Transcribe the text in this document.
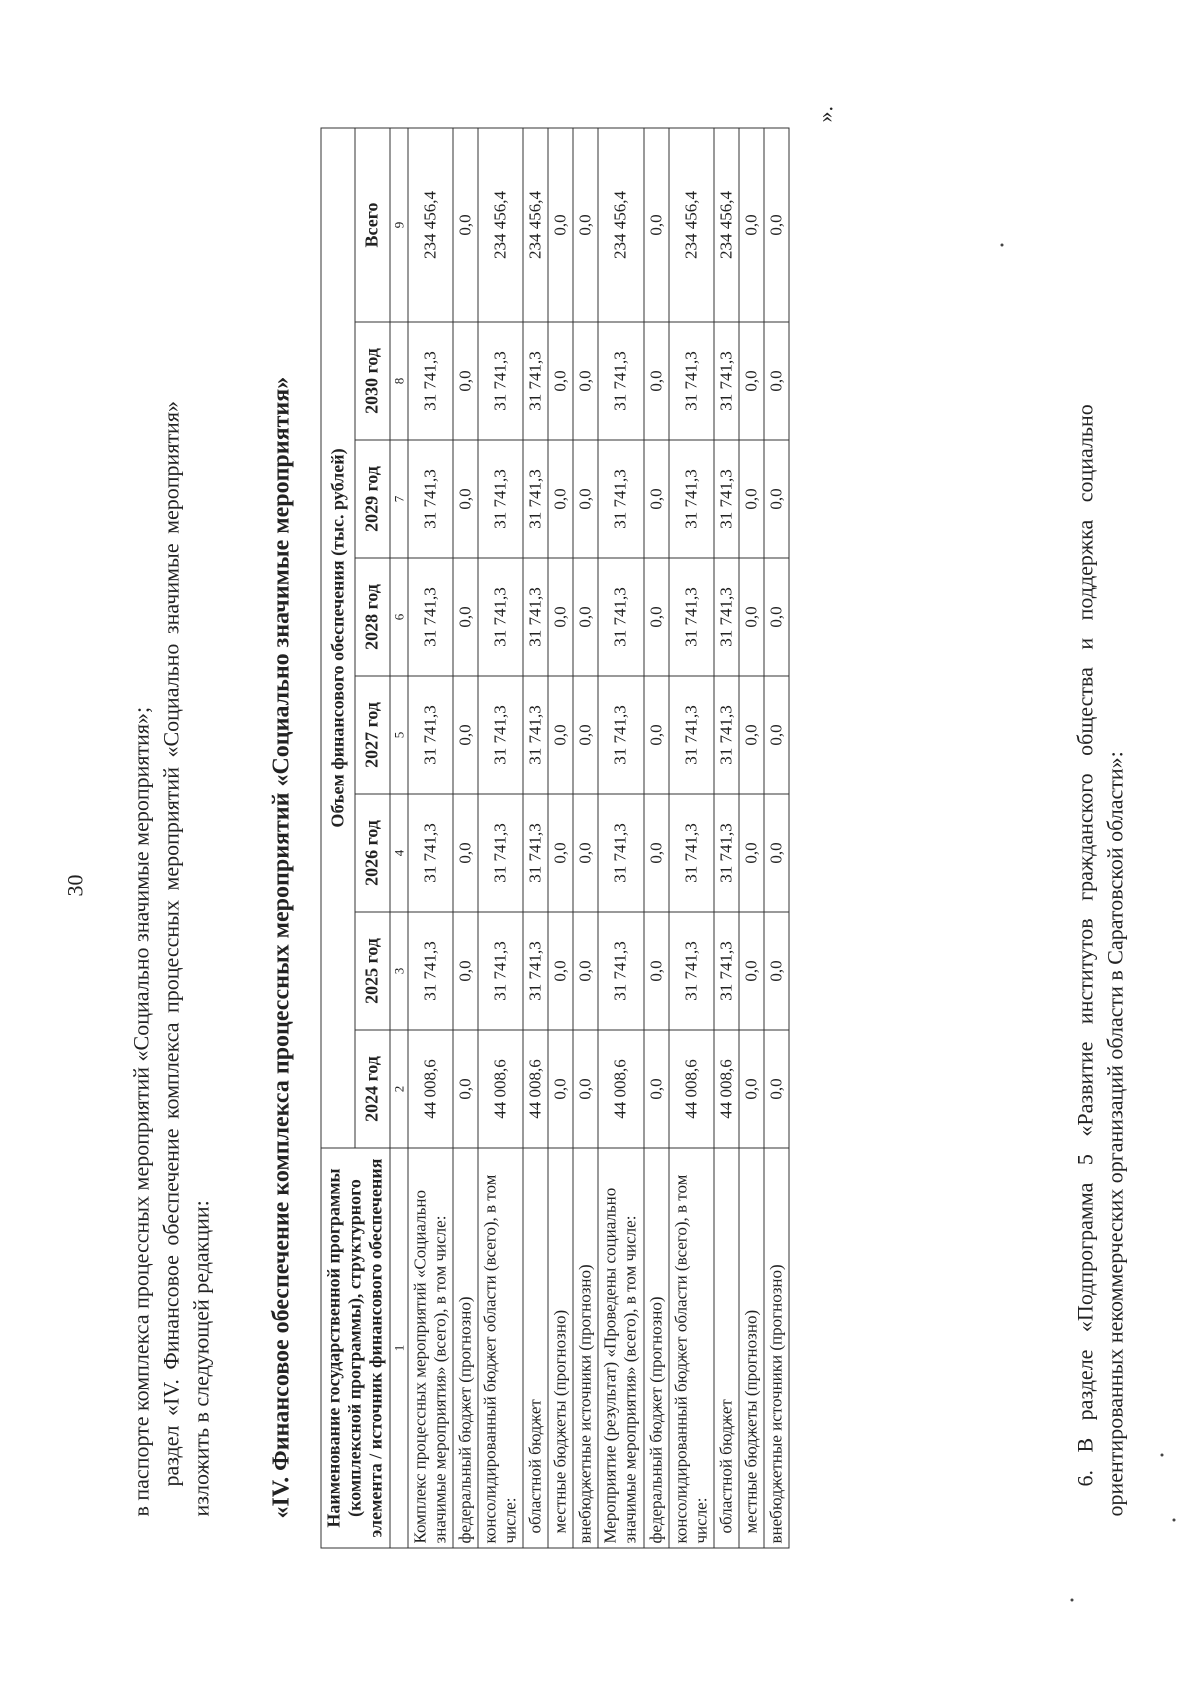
30 в паспорте комплекса процессных мероприятий «Социально значимые мероприятия»; раздел «IV. Финансовое обеспечение комплекса процессных мероприятий «Социально значимые мероприятия» изложить в следующей редакции: «IV. Финансовое обеспечение комплекса процессных мероприятий «Социально значимые мероприятия» Наименование государственной программы (комплексной программы), структурного элемента / источник финансового обеспечения	Объем финансового обеспечения (тыс. рублей)							
	2024 год	2025 год	2026 год	2027 год	2028 год	2029 год	2030 год	Всего
1	2	3	4	5	6	7	8	9
Комплекс процессных мероприятий «Социально значимые мероприятия» (всего), в том числе:	44 008,6	31 741,3	31 741,3	31 741,3	31 741,3	31 741,3	31 741,3	234 456,4
федеральный бюджет (прогнозно)	0,0	0,0	0,0	0,0	0,0	0,0	0,0	0,0
консолидированный бюджет области (всего), в том числе:	44 008,6	31 741,3	31 741,3	31 741,3	31 741,3	31 741,3	31 741,3	234 456,4
областной бюджет	44 008,6	31 741,3	31 741,3	31 741,3	31 741,3	31 741,3	31 741,3	234 456,4
местные бюджеты (прогнозно)	0,0	0,0	0,0	0,0	0,0	0,0	0,0	0,0
внебюджетные источники (прогнозно)	0,0	0,0	0,0	0,0	0,0	0,0	0,0	0,0
Мероприятие (результат) «Проведены социально значимые мероприятия» (всего), в том числе:	44 008,6	31 741,3	31 741,3	31 741,3	31 741,3	31 741,3	31 741,3	234 456,4
федеральный бюджет (прогнозно)	0,0	0,0	0,0	0,0	0,0	0,0	0,0	0,0
консолидированный бюджет области (всего), в том числе:	44 008,6	31 741,3	31 741,3	31 741,3	31 741,3	31 741,3	31 741,3	234 456,4
областной бюджет	44 008,6	31 741,3	31 741,3	31 741,3	31 741,3	31 741,3	31 741,3	234 456,4
местные бюджеты (прогнозно)	0,0	0,0	0,0	0,0	0,0	0,0	0,0	0,0
внебюджетные источники (прогнозно)	0,0	0,0	0,0	0,0	0,0	0,0	0,0	0,0
».
6. В разделе «Подпрограмма 5 «Развитие институтов гражданского общества и поддержка социально ориентированных некоммерческих организаций области в Саратовской области»:
